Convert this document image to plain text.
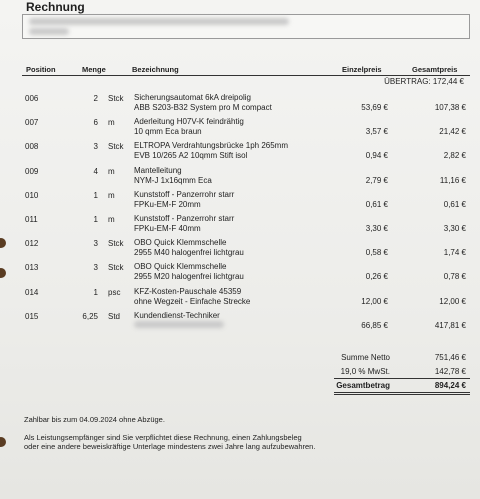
Rechnung
Position	Menge	Bezeichnung	Einzelpreis	Gesamtpreis
ÜBERTRAG: 172,44 €
006	2 Stck	Sicherungsautomat 6kA dreipolig
ABB S203-B32 System pro M compact	53,69 €	107,38 €
007	6 m	Aderleitung H07V-K feindrähtig
10 qmm Eca braun	3,57 €	21,42 €
008	3 Stck	ELTROPA Verdrahtungsbrücke 1ph 265mm
EVB 10/265 A2 10qmm Stift isol	0,94 €	2,82 €
009	4 m	Mantelleitung
NYM-J 1x16qmm Eca	2,79 €	11,16 €
010	1 m	Kunststoff - Panzerrohr starr
FPKu-EM-F 20mm	0,61 €	0,61 €
011	1 m	Kunststoff - Panzerrohr starr
FPKu-EM-F 40mm	3,30 €	3,30 €
012	3 Stck	OBO Quick Klemmschelle
2955 M40 halogenfrei lichtgrau	0,58 €	1,74 €
013	3 Stck	OBO Quick Klemmschelle
2955 M20 halogenfrei lichtgrau	0,26 €	0,78 €
014	1 psc	KFZ-Kosten-Pauschale 45359
ohne Wegzeit - Einfache Strecke	12,00 €	12,00 €
015	6,25 Std	Kundendienst-Techniker
66,85 €	417,81 €
Summe Netto	751,46 €
19,0 % MwSt.	142,78 €
Gesamtbetrag	894,24 €
Zahlbar bis zum 04.09.2024 ohne Abzüge.
Als Leistungsempfänger sind Sie verpflichtet diese Rechnung, einen Zahlungsbeleg
oder eine andere beweiskräftige Unterlage mindestens zwei Jahre lang aufzubewahren.
